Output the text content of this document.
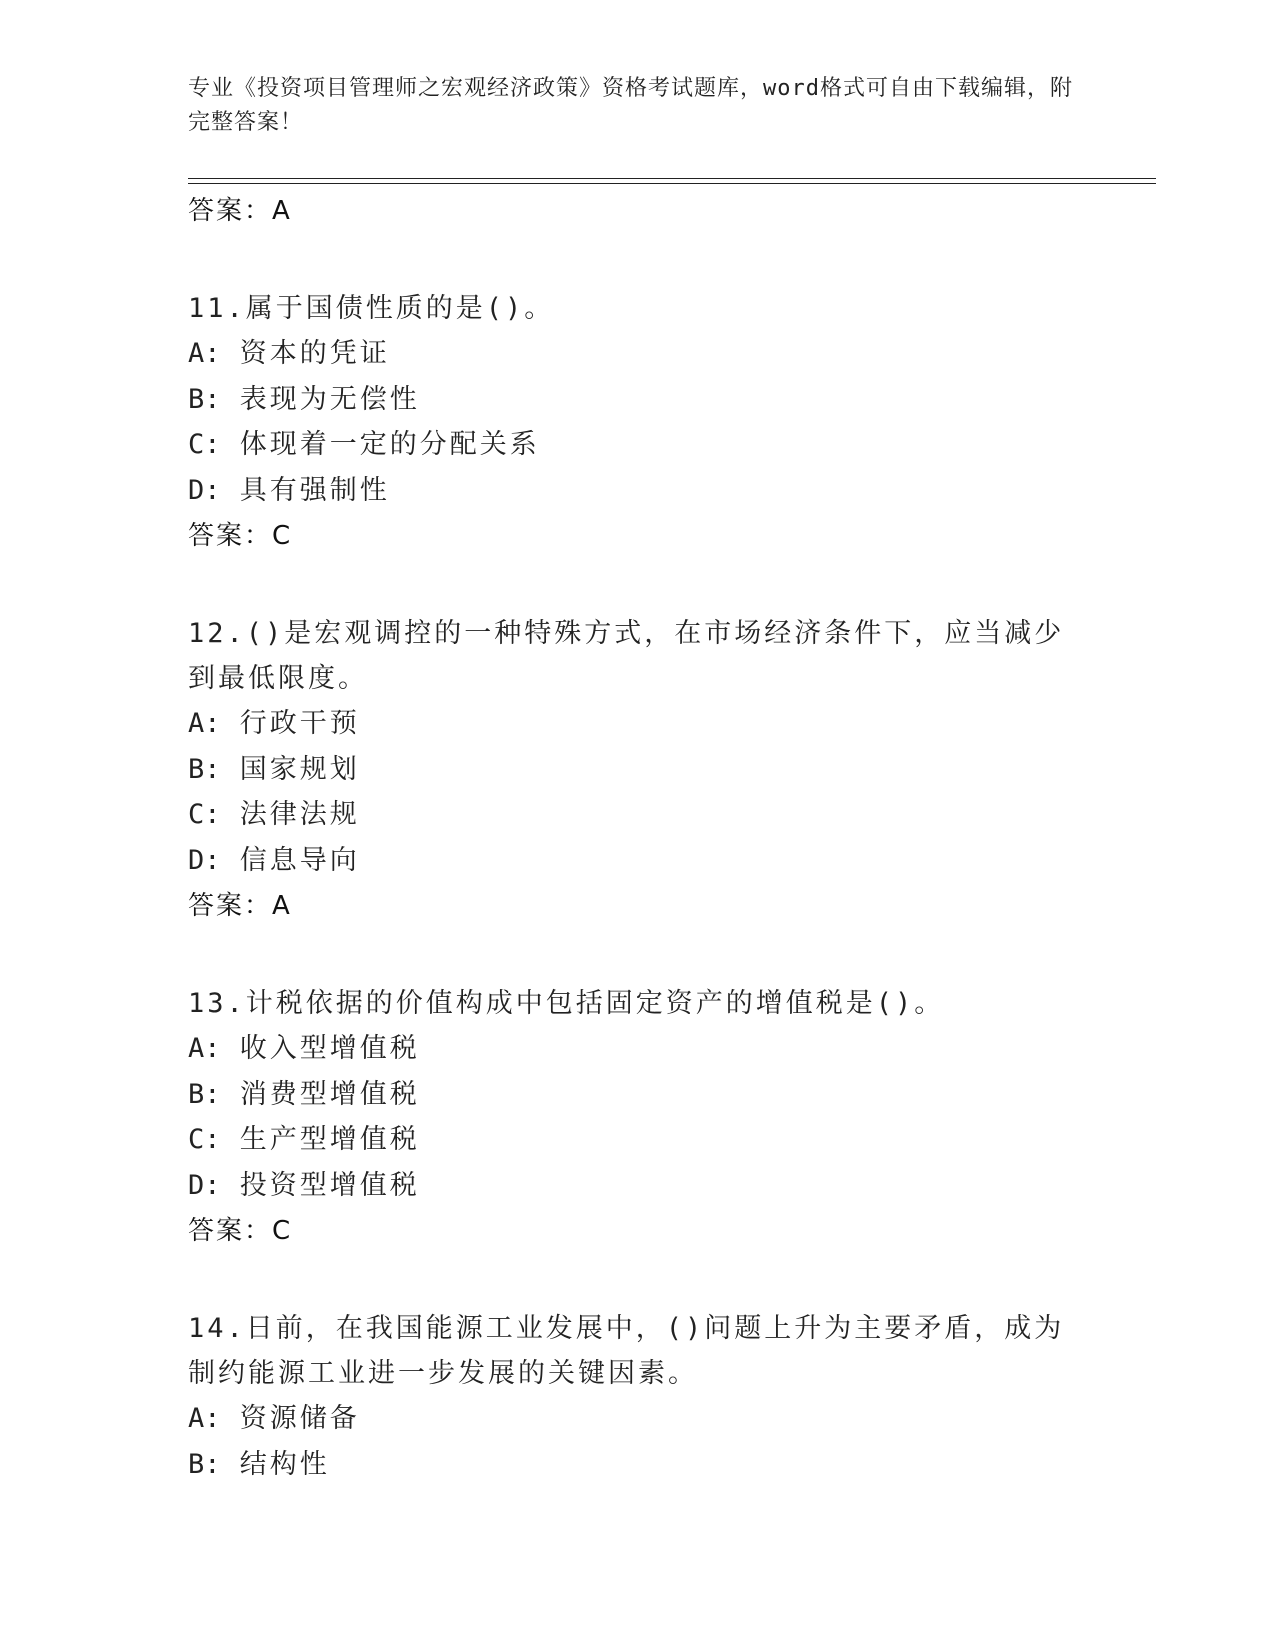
专业《投资项目管理师之宏观经济政策》资格考试题库，word格式可自由下载编辑，附完整答案！
答案：A
11.属于国债性质的是()。
A: 资本的凭证
B: 表现为无偿性
C: 体现着一定的分配关系
D: 具有强制性
答案：C
12.()是宏观调控的一种特殊方式，在市场经济条件下，应当减少到最低限度。
A: 行政干预
B: 国家规划
C: 法律法规
D: 信息导向
答案：A
13.计税依据的价值构成中包括固定资产的增值税是()。
A: 收入型增值税
B: 消费型增值税
C: 生产型增值税
D: 投资型增值税
答案：C
14.日前，在我国能源工业发展中，()问题上升为主要矛盾，成为制约能源工业进一步发展的关键因素。
A: 资源储备
B: 结构性
